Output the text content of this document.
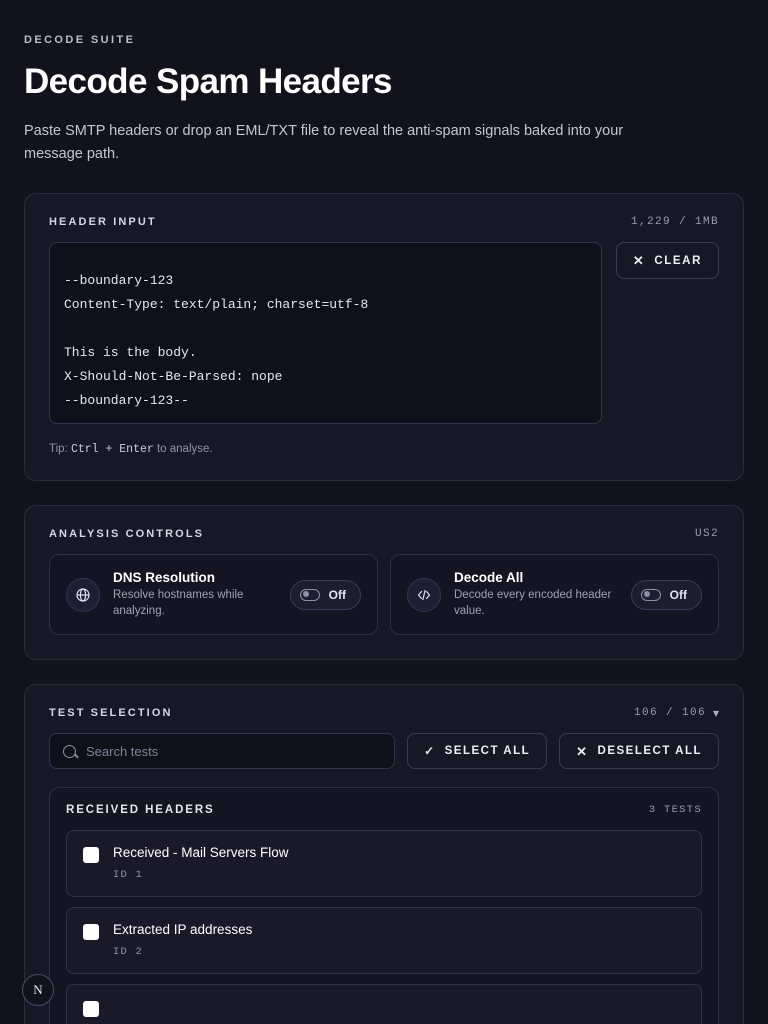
DECODE SUITE
Decode Spam Headers

Paste SMTP headers or drop an EML/TXT file to reveal the anti-spam signals baked into your message path.

HEADER INPUT	1,229 / 1MB
X-MS-Exchange-Organization-SCL: 1 --boundary-123 Content-Type: text/plain; charset=utf-8 This is the body. X-Should-Not-Be-Parsed: nope --boundary-123--
✕ CLEAR
Tip: Ctrl + Enter to analyse.
ANALYSIS CONTROLS	US2
DNS Resolution
Resolve hostnames while analyzing.
Off
Decode All
Decode every encoded header value.
Off
TEST SELECTION	106 / 106 ▾
Search tests
✓ SELECT ALL	✕ DESELECT ALL
RECEIVED HEADERS	3 TESTS
Received - Mail Servers Flow
ID 1
Extracted IP addresses
ID 2
N
